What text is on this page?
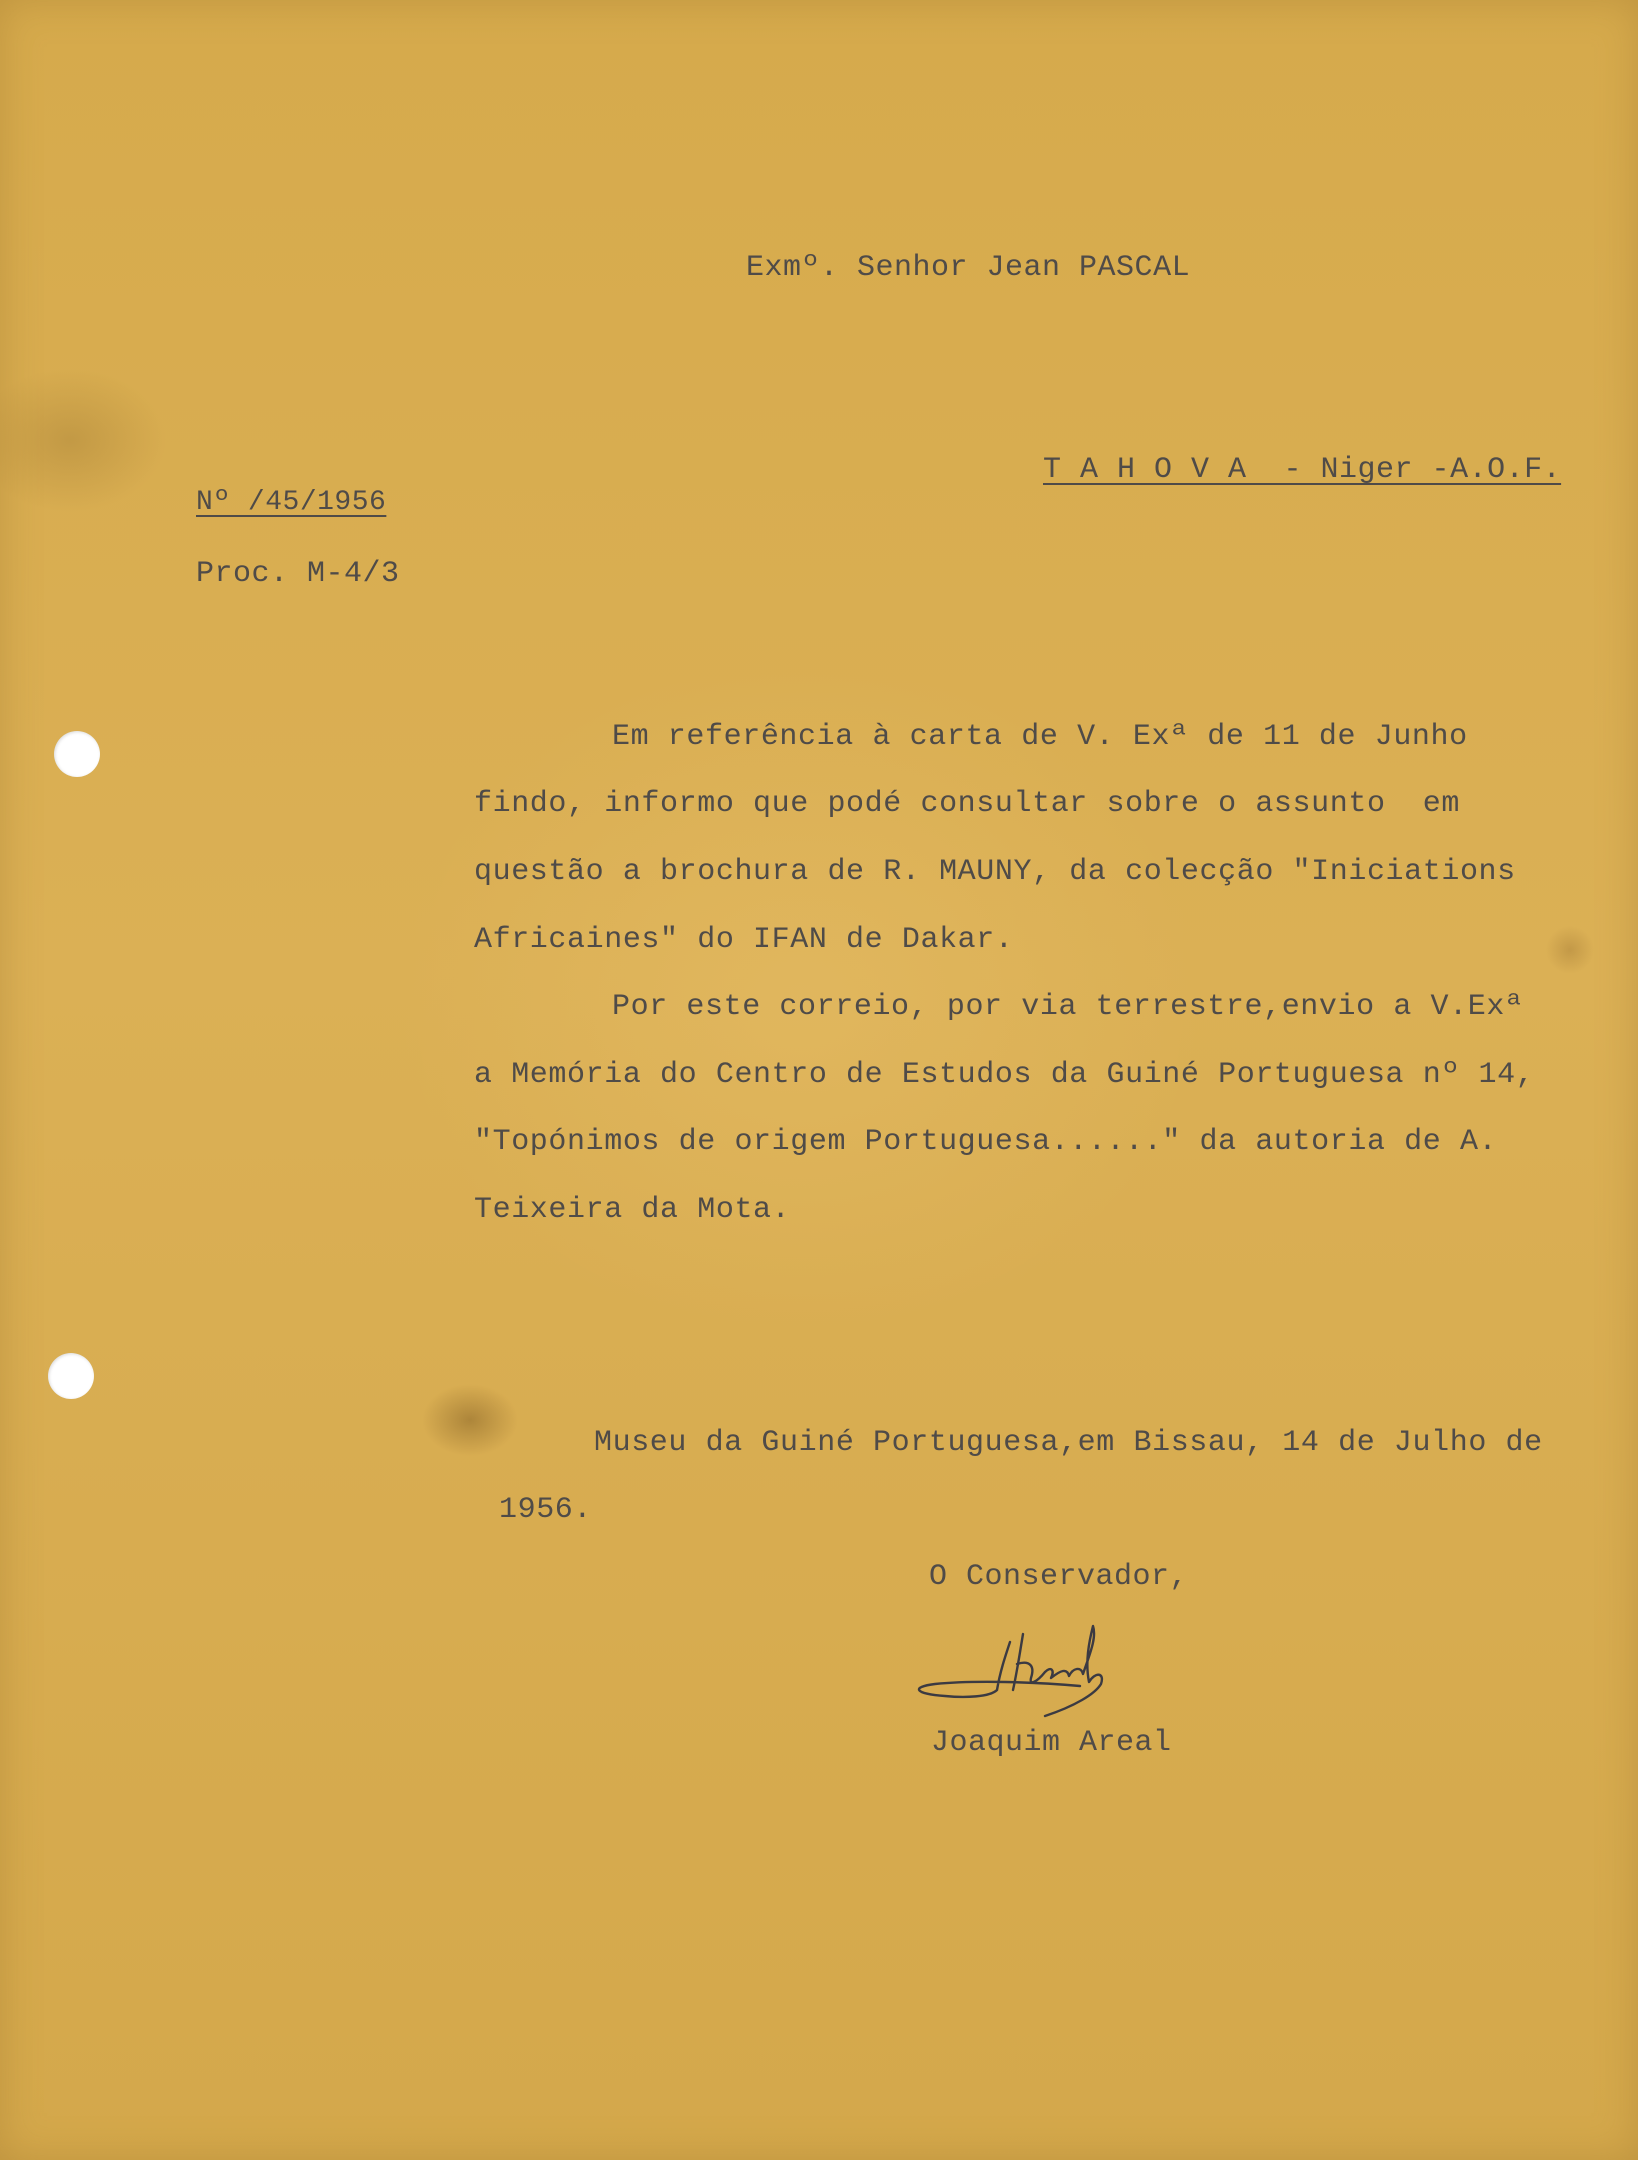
Exmº. Senhor Jean PASCAL
T A H O V A  - Niger -A.O.F.
Nº /45/1956
Proc. M-4/3
Em referência à carta de V. Exª de 11 de Junho
findo, informo que podé consultar sobre o assunto  em
questão a brochura de R. MAUNY, da colecção "Iniciations
Africaines" do IFAN de Dakar.
Por este correio, por via terrestre,envio a V.Exª
a Memória do Centro de Estudos da Guiné Portuguesa nº 14,
"Topónimos de origem Portuguesa......" da autoria de A.
Teixeira da Mota.
Museu da Guiné Portuguesa,em Bissau, 14 de Julho de
1956.
O Conservador,
Joaquim Areal
